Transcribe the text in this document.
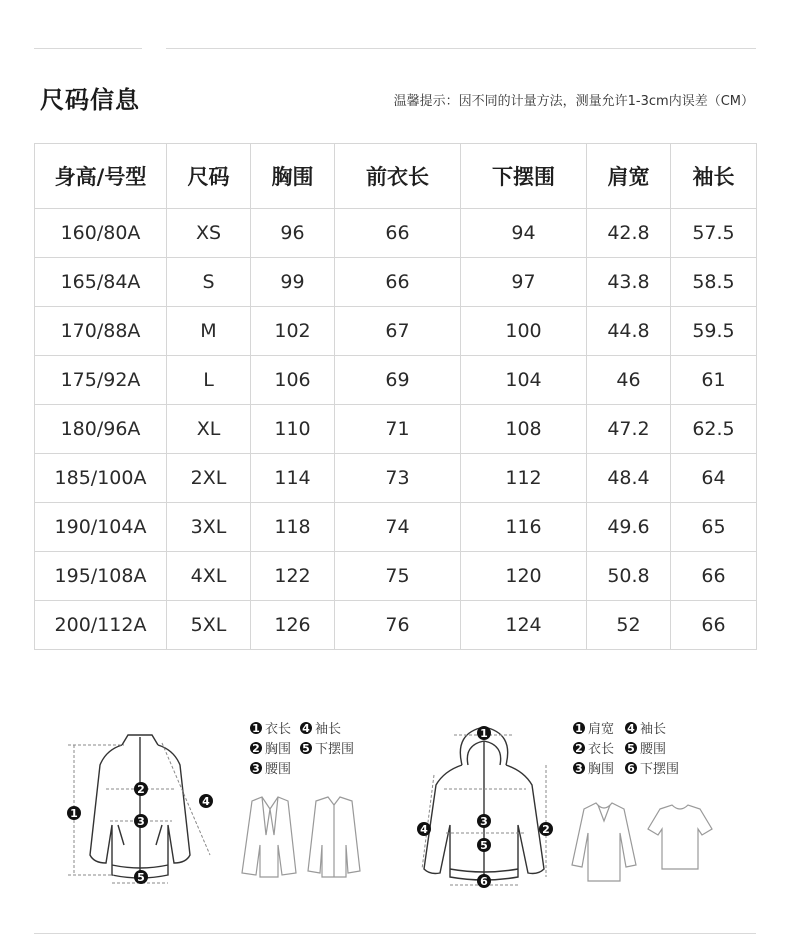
尺码信息	温馨提示：因不同的计量方法，测量允许1-3cm内误差（CM）
身高/号型	尺码	胸围	前衣长	下摆围	肩宽	袖长
160/80A	XS	96	66	94	42.8	57.5
165/84A	S	99	66	97	43.8	58.5
170/88A	M	102	67	100	44.8	59.5
175/92A	L	106	69	104	46	61
180/96A	XL	110	71	108	47.2	62.5
185/100A	2XL	114	73	112	48.4	64
190/104A	3XL	118	74	116	49.6	65
195/108A	4XL	122	75	120	50.8	66
200/112A	5XL	126	76	124	52	66
1
2
3
4
5
1 衣长 4 袖长
2 胸围 5 下摆围
3 腰围
1
2
3
4
5
6
1 肩宽 4 袖长
2 衣长 5 腰围
3 胸围 6 下摆围
